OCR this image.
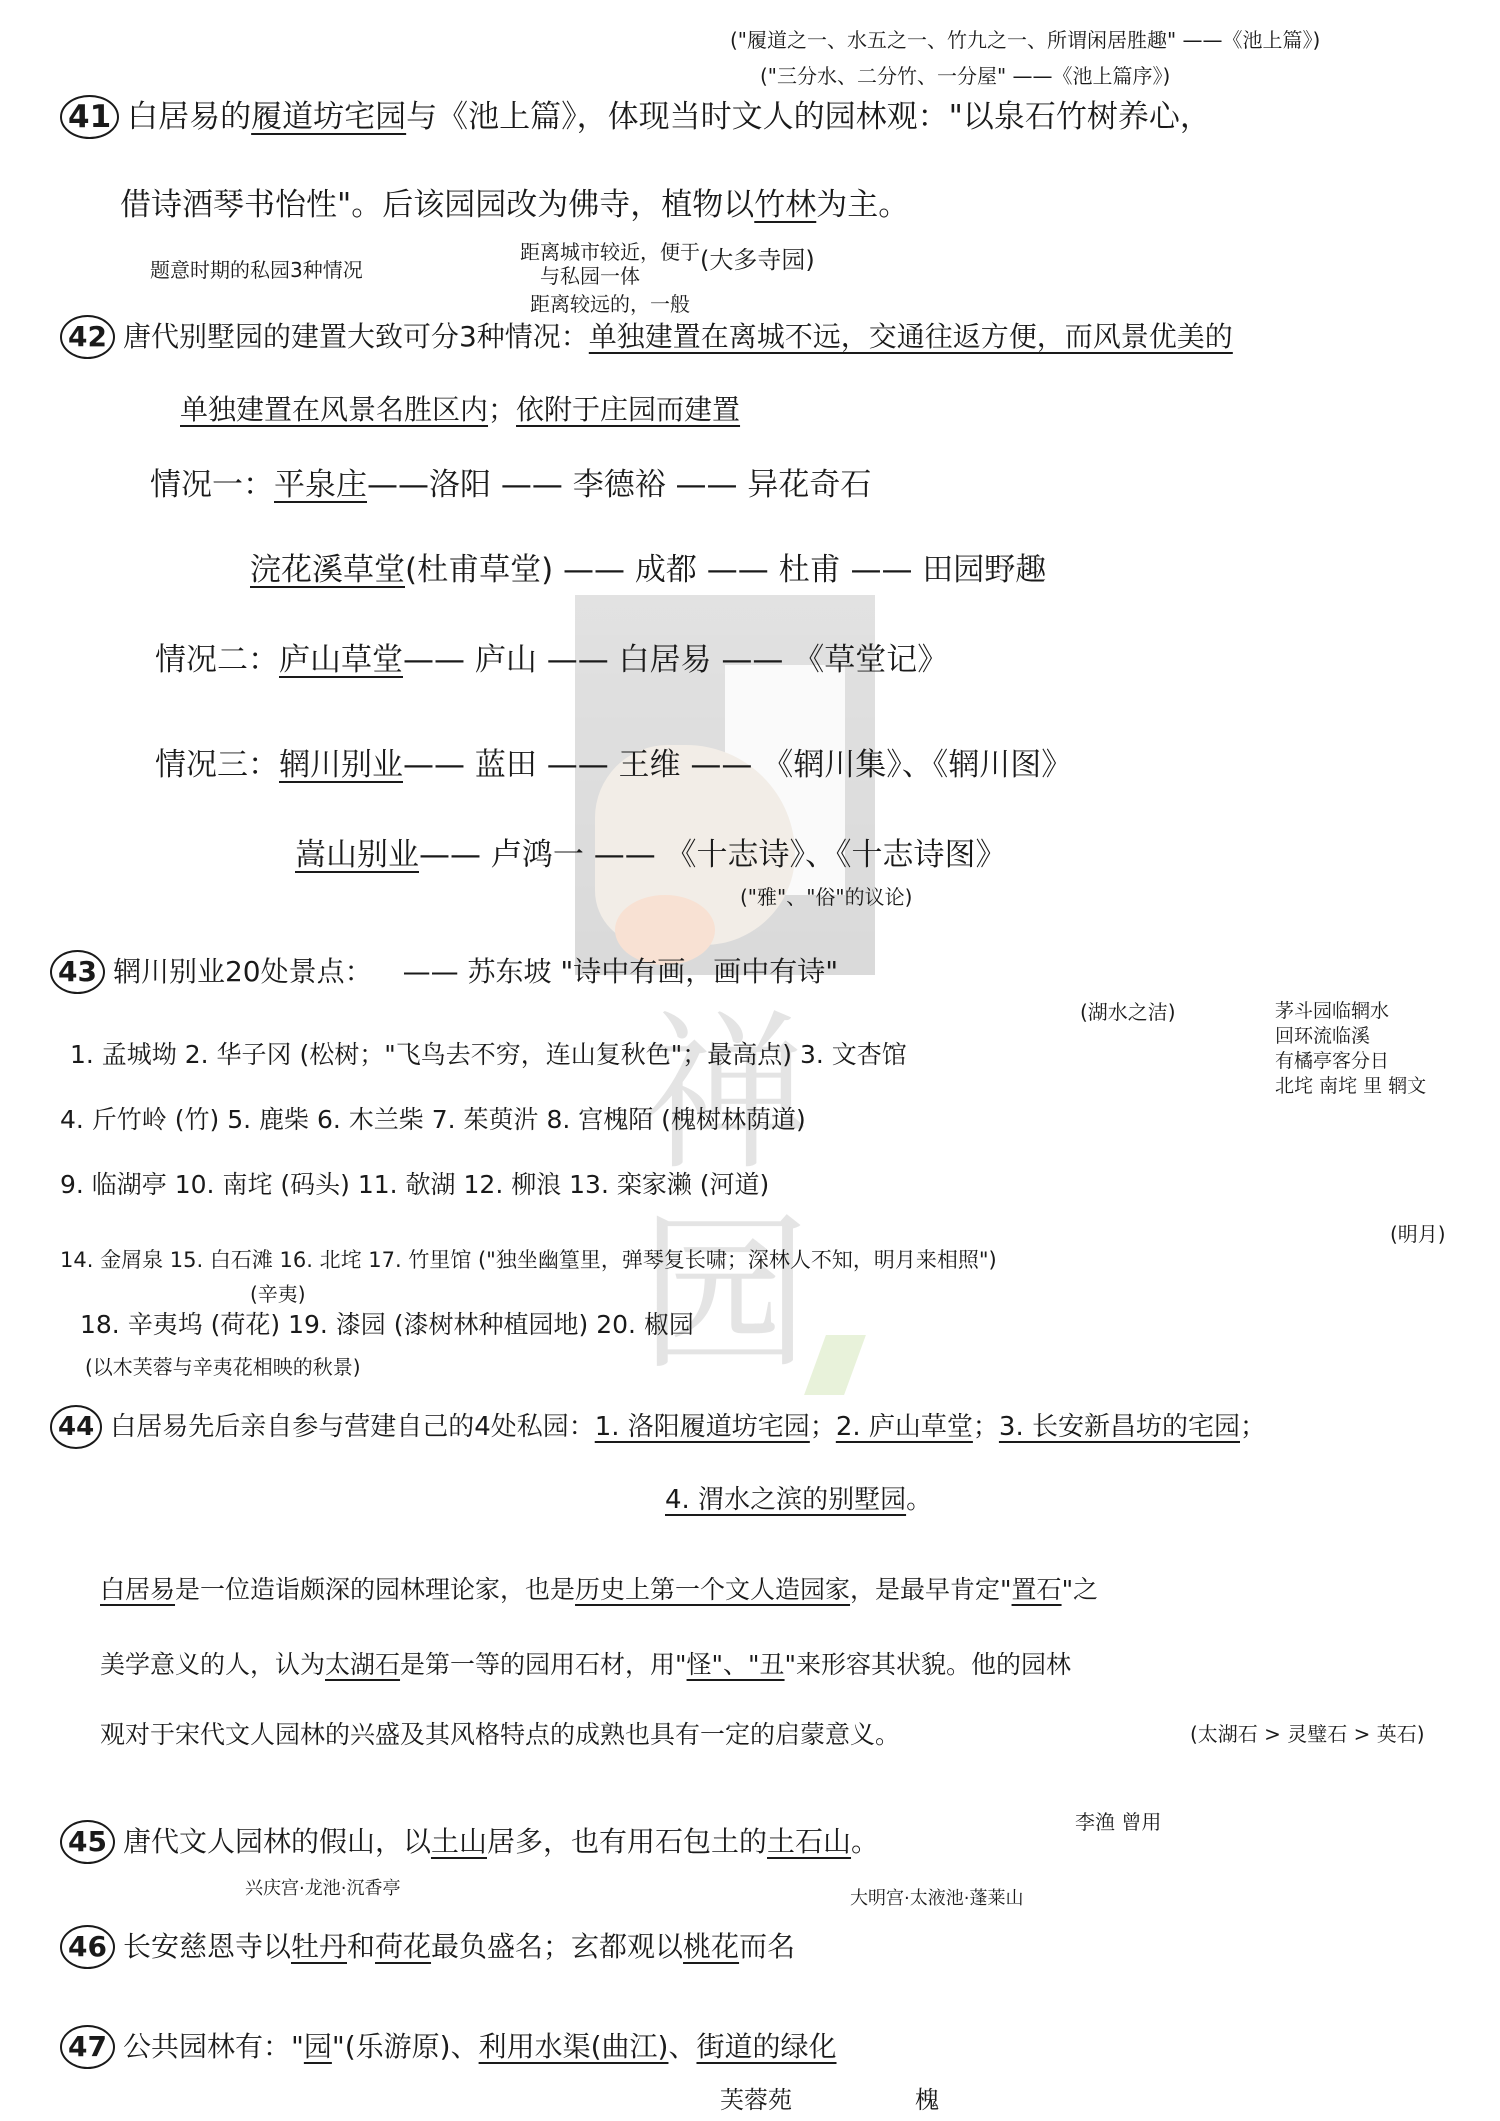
禅 园
("履道之一、水五之一、竹九之一、所谓闲居胜趣" ——《池上篇》)
("三分水、二分竹、一分屋" ——《池上篇序》)
41 白居易的履道坊宅园与《池上篇》，体现当时文人的园林观："以泉石竹树养心，
借诗酒琴书怡性"。后该园园改为佛寺，植物以竹林为主。
题意时期的私园3种情况
距离城市较近，便于
与私园一体
(大多寺园)
距离较远的，一般
42 唐代别墅园的建置大致可分3种情况：单独建置在离城不远，交通往返方便，而风景优美的
单独建置在风景名胜区内；依附于庄园而建置
情况一：平泉庄——洛阳 —— 李德裕 —— 异花奇石
浣花溪草堂(杜甫草堂) —— 成都 —— 杜甫 —— 田园野趣
情况二：庐山草堂—— 庐山 —— 白居易 —— 《草堂记》
情况三：辋川别业—— 蓝田 —— 王维 —— 《辋川集》、《辋川图》
嵩山别业—— 卢鸿一 —— 《十志诗》、《十志诗图》
("雅"、"俗"的议论)
43 辋川别业20处景点： —— 苏东坡 "诗中有画，画中有诗"
(湖水之洁)	茅斗园临辋水
回环流临溪
有橘亭客分日
北垞 南垞 里 辋文
1. 孟城坳 2. 华子冈 (松树；"飞鸟去不穷，连山复秋色"；最高点) 3. 文杏馆
4. 斤竹岭 (竹) 5. 鹿柴 6. 木兰柴 7. 茱萸沜 8. 宫槐陌 (槐树林荫道)
9. 临湖亭 10. 南垞 (码头) 11. 欹湖 12. 柳浪 13. 栾家濑 (河道)
(明月)
14. 金屑泉 15. 白石滩 16. 北垞 17. 竹里馆 ("独坐幽篁里，弹琴复长啸；深林人不知，明月来相照")
(辛夷)
18. 辛夷坞 (荷花) 19. 漆园 (漆树林种植园地) 20. 椒园
(以木芙蓉与辛夷花相映的秋景)
44 白居易先后亲自参与营建自己的4处私园：1. 洛阳履道坊宅园；2. 庐山草堂；3. 长安新昌坊的宅园；
4. 渭水之滨的别墅园。
白居易是一位造诣颇深的园林理论家，也是历史上第一个文人造园家，是最早肯定"置石"之
美学意义的人，认为太湖石是第一等的园用石材，用"怪"、"丑"来形容其状貌。他的园林
观对于宋代文人园林的兴盛及其风格特点的成熟也具有一定的启蒙意义。	(太湖石 > 灵璧石 > 英石)
45 唐代文人园林的假山，以土山居多，也有用石包土的土石山。
李渔 曾用
兴庆宫·龙池·沉香亭	大明宫·太液池·蓬莱山
46 长安慈恩寺以牡丹和荷花最负盛名；玄都观以桃花而名
47 公共园林有："园"(乐游原)、利用水渠(曲江)、街道的绿化
芙蓉苑	槐
